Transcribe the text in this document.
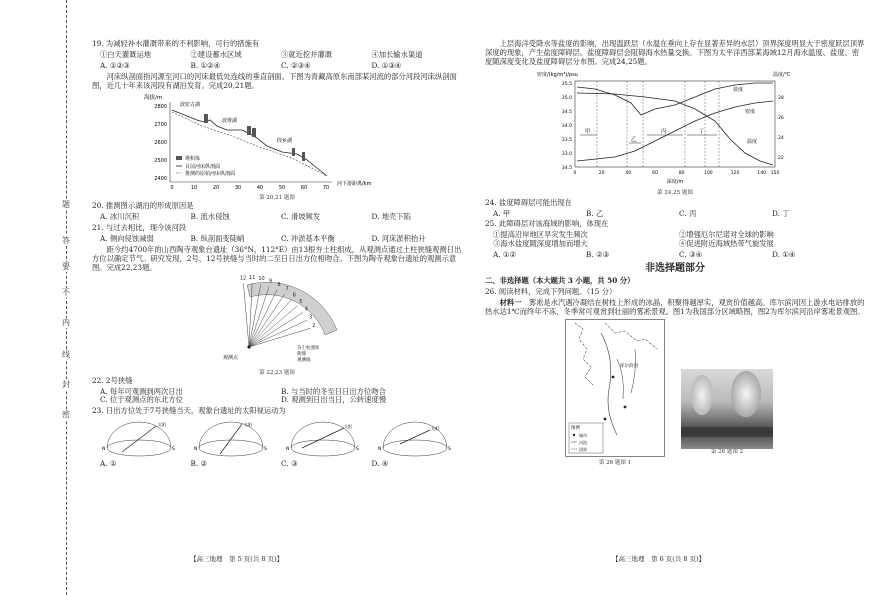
题
答
要
不
内
线
封
密
19. 为减轻补水灌溉带来的不利影响，可行的措施有
①白天灌溉运地	②建设蓄水区域	③就近挖井灌溉	④加长输水渠道
A. ①②③	B. ①②④	C. ②③④	D. ①③④
河床纵剖面指河源至河口的河床最低处连线的垂直剖面。下图为青藏高原东南部某河流的部分河段河床纵剖面图，近几十年来该河段有湖泊发育。完成20,21题。
海拔/m
2800
2700
2600
2500
2400
0	10	20	30	40	50	60	70
河下游距离/km
波密古湖
波堆湖
段乡湖
堆积体
目前河床纵剖面
推测的原始河床纵剖面
第 20,21 题图
20. 推测图示湖泊的形成原因是
A. 冰川沉积	B. 流水侵蚀	C. 滑坡频发	D. 地壳下陷
21. 与过去相比，现今该河段
A. 侧向侵蚀减弱	B. 纵剖面变陡峭	C. 冲淤基本平衡	D. 河床淤积抬升
距今约4700年的山西陶寺观象台遗址（36°N，112°E）由13根夯土柱组成，从观测点通过土柱狭缝观测日出方位以确定节气。研究发现，2号、12号狭缝与当时的二至日日出方位相吻合。下图为陶寺观象台遗址的观测示意图。完成22,23题。
观测点
12 11 10 9
8
7
6
5
4
3
2
夯土柱遗址
狭缝
观测线
第 22,23 题图
22. 2号狭缝
A. 每年可观测到两次日出	B. 与当时的冬至日日出方位吻合
C. 位于观测点的东北方位	D. 观测到日出当日，公转速度慢
23. 日出方位处于7号狭缝当天，观象台遗址的太阳视运动为
N	S
太阳
N	S
太阳
N	S
太阳
N	S
太阳
A. ①	B. ②	C. ③	D. ④
【高三地理　第 5 页(共 8 页)】
上层海洋受降水等盐度的影响，出现温跃层（水温在垂向上存在显著差异的水层）顶界深度明显大于密度跃层顶界深度的现象，产生盐度障碍层。盐度障碍层会阻碍海水热量交换。下图为太平洋西部某海域12月海水温度、盐度、密度随深度变化及盐度障碍层分布图。完成24,25题。
密度/(kg/m³)/psu	温度/℃
35.5
35.0
34.5
34.0
33.5
33.0
34.5
28
26
24
22
0	20	40	60	80	100	120	140 150
深度/m
甲
乙
丙	丁
盐度
密度
温度
第 24,25 题图
24. 盐度障碍层可能出现在
A. 甲	B. 乙	C. 丙	D. 丁
25. 此障碍层对该海域的影响，体现在
①提高沿岸地区旱灾发生频次	②增强厄尔尼诺对全球的影响
③海水盐度随深度增加而增大	④促进附近海域热带气旋发展
A. ①②	B. ②③	C. ③④	D. ①④
非选择题部分
二、非选择题（本大题共 3 小题，共 50 分）
26. 阅读材料，完成下列问题。（15 分）
材料一　 雾凇是水汽遇冷凝结在树枝上形成的冰晶，积聚得越厚实，观赏价值越高。库尔滨河因上游水电站排放的热水达1℃而终年不冻，冬季常可观赏到壮丽的雾凇景观。图1为我国部分区域略图，图2为库尔滨河沿岸雾凇景观图。
库尔滨河
图例
城市
河流
国界
第 26 题图 1
第 26 题图 2
【高三地理　第 6 页(共 8 页)】
